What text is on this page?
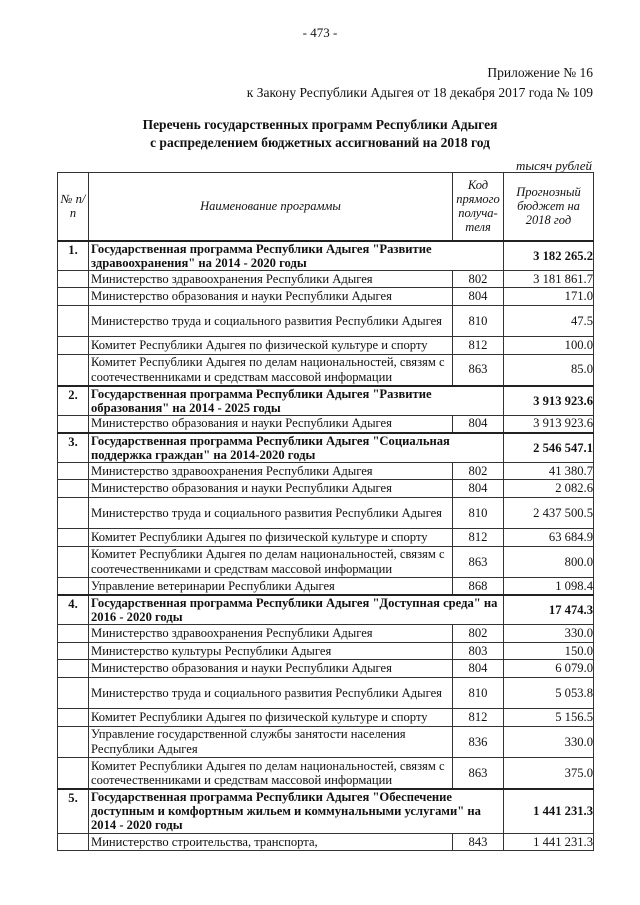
- 473 -
Приложение № 16
к Закону Республики Адыгея от 18 декабря 2017 года № 109
Перечень государственных программ Республики Адыгея
с распределением бюджетных ассигнований на 2018 год
тысяч рублей
№ п/п	Наименование программы	Код прямого получа-теля	Прогнозный бюджет на 2018 год
1.	Государственная программа Республики Адыгея "Развитие здравоохранения" на 2014 - 2020 годы		3 182 265.2
	Министерство здравоохранения Республики Адыгея	802	3 181 861.7
	Министерство образования и науки Республики Адыгея	804	171.0
	Министерство труда и социального развития Республики Адыгея	810	47.5
	Комитет Республики Адыгея по физической культуре и спорту	812	100.0
	Комитет Республики Адыгея по делам национальностей, связям с соотечественниками и средствам массовой информации	863	85.0
2.	Государственная программа Республики Адыгея "Развитие образования" на 2014 - 2025 годы		3 913 923.6
	Министерство образования и науки Республики Адыгея	804	3 913 923.6
3.	Государственная программа Республики Адыгея "Социальная поддержка граждан" на 2014-2020 годы		2 546 547.1
	Министерство здравоохранения Республики Адыгея	802	41 380.7
	Министерство образования и науки Республики Адыгея	804	2 082.6
	Министерство труда и социального развития Республики Адыгея	810	2 437 500.5
	Комитет Республики Адыгея по физической культуре и спорту	812	63 684.9
	Комитет Республики Адыгея по делам национальностей, связям с соотечественниками и средствам массовой информации	863	800.0
	Управление ветеринарии Республики Адыгея	868	1 098.4
4.	Государственная программа Республики Адыгея "Доступная среда" на 2016 - 2020 годы		17 474.3
	Министерство здравоохранения Республики Адыгея	802	330.0
	Министерство культуры Республики Адыгея	803	150.0
	Министерство образования и науки Республики Адыгея	804	6 079.0
	Министерство труда и социального развития Республики Адыгея	810	5 053.8
	Комитет Республики Адыгея по физической культуре и спорту	812	5 156.5
	Управление государственной службы занятости населения Республики Адыгея	836	330.0
	Комитет Республики Адыгея по делам национальностей, связям с соотечественниками и средствам массовой информации	863	375.0
5.	Государственная программа Республики Адыгея "Обеспечение доступным и комфортным жильем и коммунальными услугами" на 2014 - 2020 годы		1 441 231.3
	Министерство строительства, транспорта,	843	1 441 231.3
